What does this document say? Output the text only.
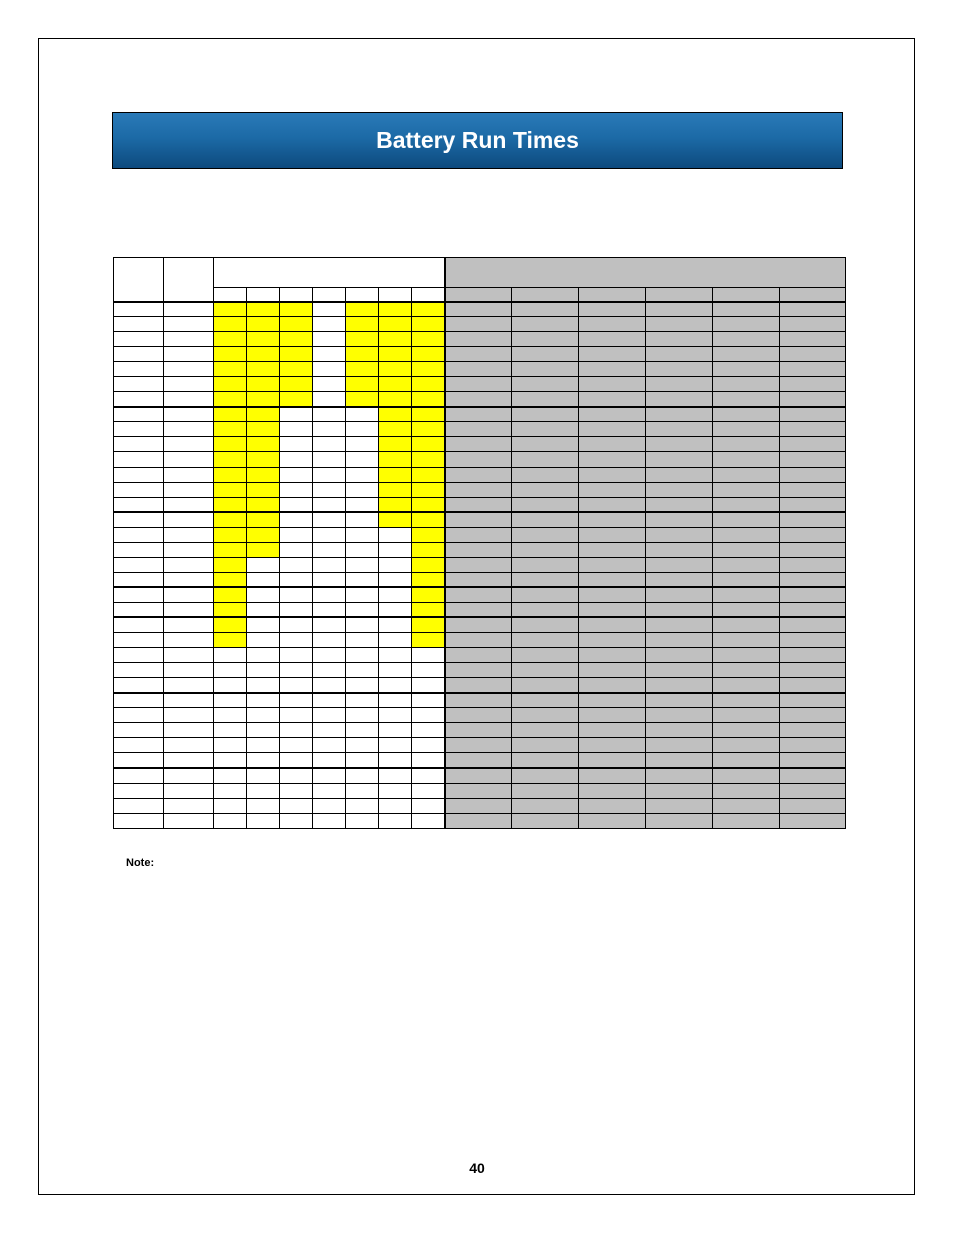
Battery Run Times

Note:
40
